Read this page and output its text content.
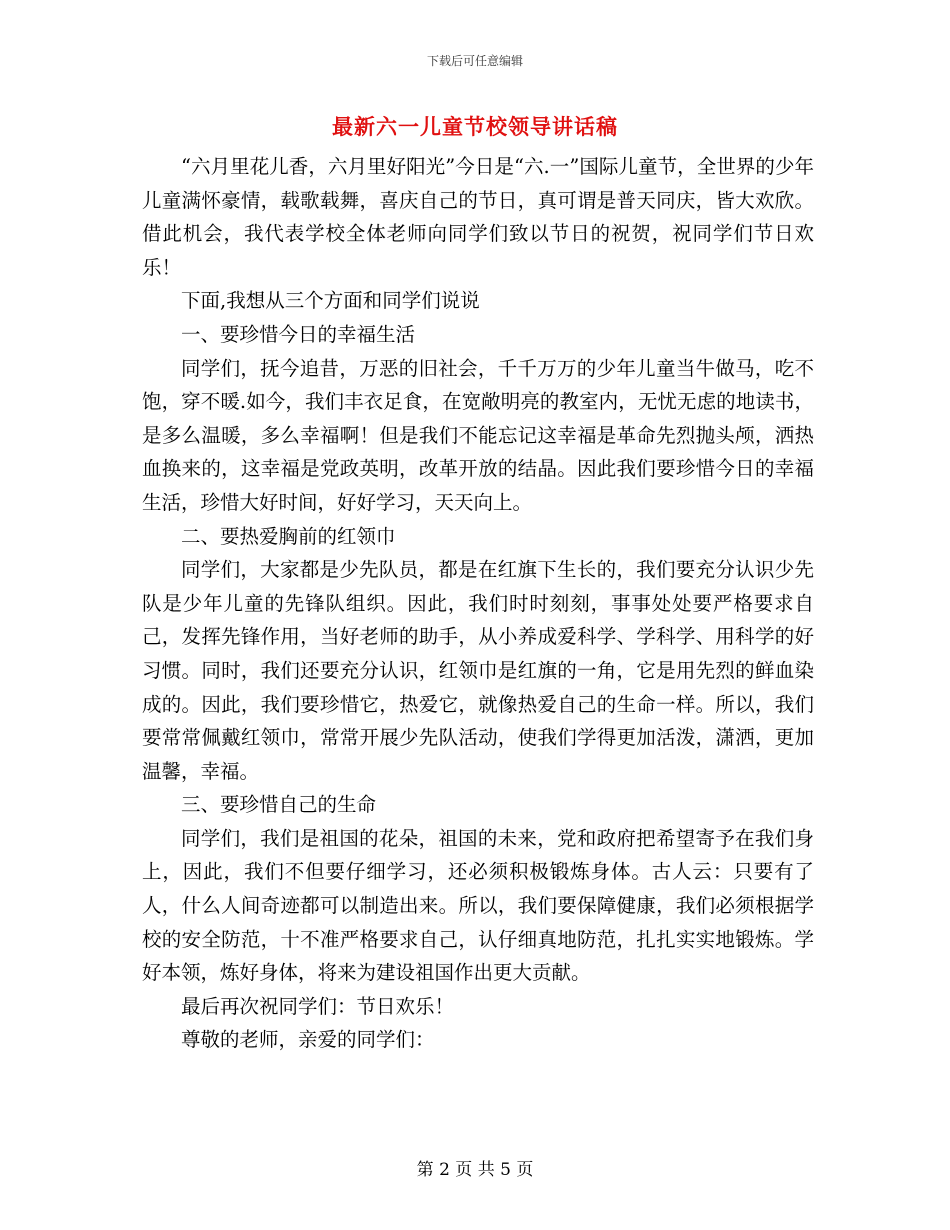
下载后可任意编辑
最新六一儿童节校领导讲话稿

“六月里花儿香，六月里好阳光”今日是“六.一”国际儿童节，全世界的少年儿童满怀豪情，载歌载舞，喜庆自己的节日，真可谓是普天同庆，皆大欢欣。借此机会，我代表学校全体老师向同学们致以节日的祝贺，祝同学们节日欢乐！

下面,我想从三个方面和同学们说说

一、要珍惜今日的幸福生活

同学们，抚今追昔，万恶的旧社会，千千万万的少年儿童当牛做马，吃不饱，穿不暖.如今，我们丰衣足食，在宽敞明亮的教室内，无忧无虑的地读书，是多么温暖，多么幸福啊！但是我们不能忘记这幸福是革命先烈抛头颅，洒热血换来的，这幸福是党政英明，改革开放的结晶。因此我们要珍惜今日的幸福生活，珍惜大好时间，好好学习，天天向上。

二、要热爱胸前的红领巾

同学们，大家都是少先队员，都是在红旗下生长的，我们要充分认识少先队是少年儿童的先锋队组织。因此，我们时时刻刻，事事处处要严格要求自己，发挥先锋作用，当好老师的助手，从小养成爱科学、学科学、用科学的好习惯。同时，我们还要充分认识，红领巾是红旗的一角，它是用先烈的鲜血染成的。因此，我们要珍惜它，热爱它，就像热爱自己的生命一样。所以，我们要常常佩戴红领巾，常常开展少先队活动，使我们学得更加活泼，潇洒，更加温馨，幸福。

三、要珍惜自己的生命

同学们，我们是祖国的花朵，祖国的未来，党和政府把希望寄予在我们身上，因此，我们不但要仔细学习，还必须积极锻炼身体。古人云：只要有了人，什么人间奇迹都可以制造出来。所以，我们要保障健康，我们必须根据学校的安全防范，十不准严格要求自己，认仔细真地防范，扎扎实实地锻炼。学好本领，炼好身体，将来为建设祖国作出更大贡献。

最后再次祝同学们：节日欢乐！

尊敬的老师，亲爱的同学们：

第 2 页 共 5 页
